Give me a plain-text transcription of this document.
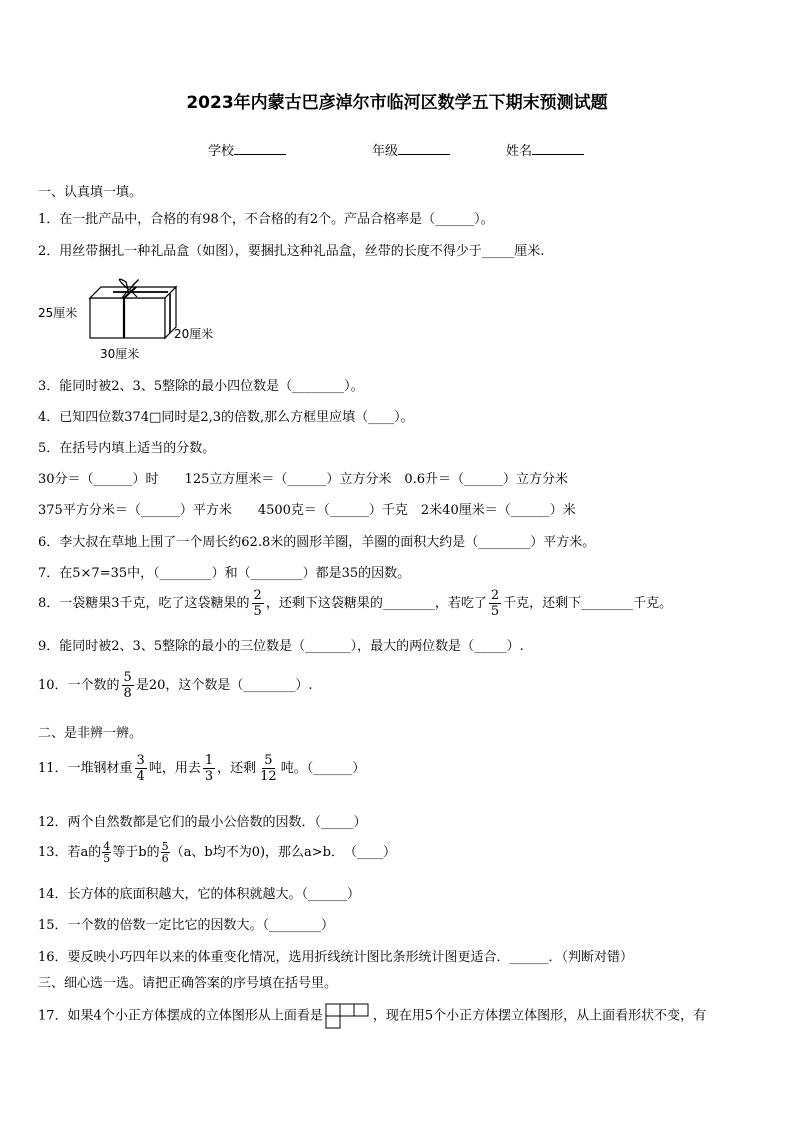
2023年内蒙古巴彦淖尔市临河区数学五下期末预测试题
学校	年级	姓名
一、认真填一填。
1．在一批产品中，合格的有98个，不合格的有2个。产品合格率是（______）。
2．用丝带捆扎一种礼品盒（如图），要捆扎这种礼品盒，丝带的长度不得少于_____厘米.
25厘米
20厘米
30厘米
3．能同时被2、3、5整除的最小四位数是（________）。
4．已知四位数374□同时是2,3的倍数,那么方框里应填（____）。
5．在括号内填上适当的分数。
30分＝（______）时　　125立方厘米＝（______）立方分米　0.6升＝（______）立方分米
375平方分米＝（______）平方米　　4500克＝（______）千克　2米40厘米＝（______）米
6．李大叔在草地上围了一个周长约62.8米的圆形羊圈，羊圈的面积大约是（________）平方米。
7．在5×7=35中，（________）和（________）都是35的因数。
8．一袋糖果3千克，吃了这袋糖果的 $\frac{2}{5}$ ，还剩下这袋糖果的________，若吃了 $\frac{2}{5}$ 千克，还剩下________千克。
9．能同时被2、3、5整除的最小的三位数是（_______），最大的两位数是（_____）.
10．一个数的 $\frac{5}{8}$ 是20，这个数是（________）.
二、是非辨一辨。
11．一堆钢材重 $\frac{3}{4}$ 吨，用去 $\frac{1}{3}$ ，还剩 $\frac{5}{12}$ 吨。（______）
12．两个自然数都是它们的最小公倍数的因数．（_____）
13．若a的 $\frac{4}{5}$ 等于b的 $\frac{5}{6} (a$、b均不为0)，那么a>b．　（____）
14．长方体的底面积越大，它的体积就越大。（______）
15．一个数的倍数一定比它的因数大。（________）
16．要反映小巧四年以来的体重变化情况，选用折线统计图比条形统计图更适合．______．（判断对错）
三、细心选一选。请把正确答案的序号填在括号里。
17．如果4个小正方体摆成的立体图形从上面看是	，现在用5个小正方体摆立体图形，从上面看形状不变，有
